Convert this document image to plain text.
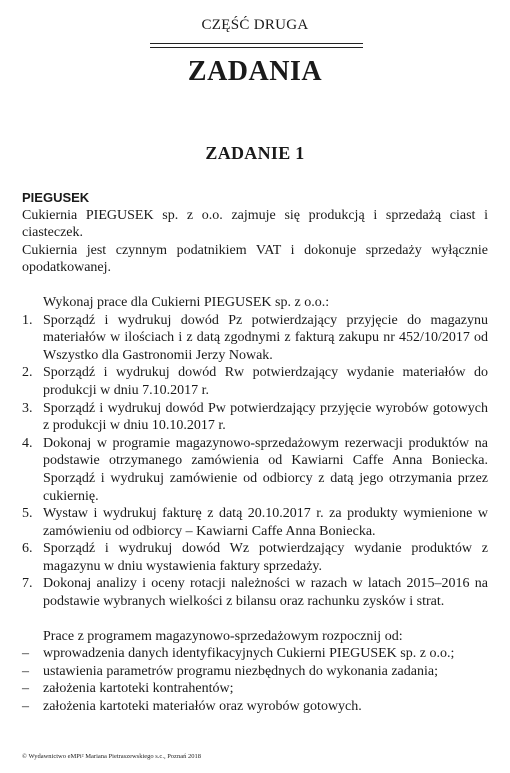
CZĘŚĆ DRUGA
ZADANIA
ZADANIE 1
PIEGUSEK

Cukiernia PIEGUSEK sp. z o.o. zajmuje się produkcją i sprzedażą ciast i ciasteczek.

Cukiernia jest czynnym podatnikiem VAT i dokonuje sprzedaży wyłącznie opodatkowanej.

Wykonaj prace dla Cukierni PIEGUSEK sp. z o.o.:

1. Sporządź i wydrukuj dowód Pz potwierdzający przyjęcie do magazynu materiałów w ilościach i z datą zgodnymi z fakturą zakupu nr 452/10/2017 od Wszystko dla Gastronomii Jerzy Nowak.
2. Sporządź i wydrukuj dowód Rw potwierdzający wydanie materiałów do produkcji w dniu 7.10.2017 r.
3. Sporządź i wydrukuj dowód Pw potwierdzający przyjęcie wyrobów gotowych z produkcji w dniu 10.10.2017 r.
4. Dokonaj w programie magazynowo-sprzedażowym rezerwacji produktów na podstawie otrzymanego zamówienia od Kawiarni Caffe Anna Boniecka. Sporządź i wydrukuj zamówienie od odbiorcy z datą jego otrzymania przez cukiernię.
5. Wystaw i wydrukuj fakturę z datą 20.10.2017 r. za produkty wymienione w zamówieniu od odbiorcy – Kawiarni Caffe Anna Boniecka.
6. Sporządź i wydrukuj dowód Wz potwierdzający wydanie produktów z magazynu w dniu wystawienia faktury sprzedaży.
7. Dokonaj analizy i oceny rotacji należności w razach w latach 2015–2016 na podstawie wybranych wielkości z bilansu oraz rachunku zysków i strat.

Prace z programem magazynowo-sprzedażowym rozpocznij od:

– wprowadzenia danych identyfikacyjnych Cukierni PIEGUSEK sp. z o.o.;
– ustawienia parametrów programu niezbędnych do wykonania zadania;
– założenia kartoteki kontrahentów;
– założenia kartoteki materiałów oraz wyrobów gotowych.
© Wydawnictwo eMPi² Mariana Pietraszewskiego s.c., Poznań 2018
